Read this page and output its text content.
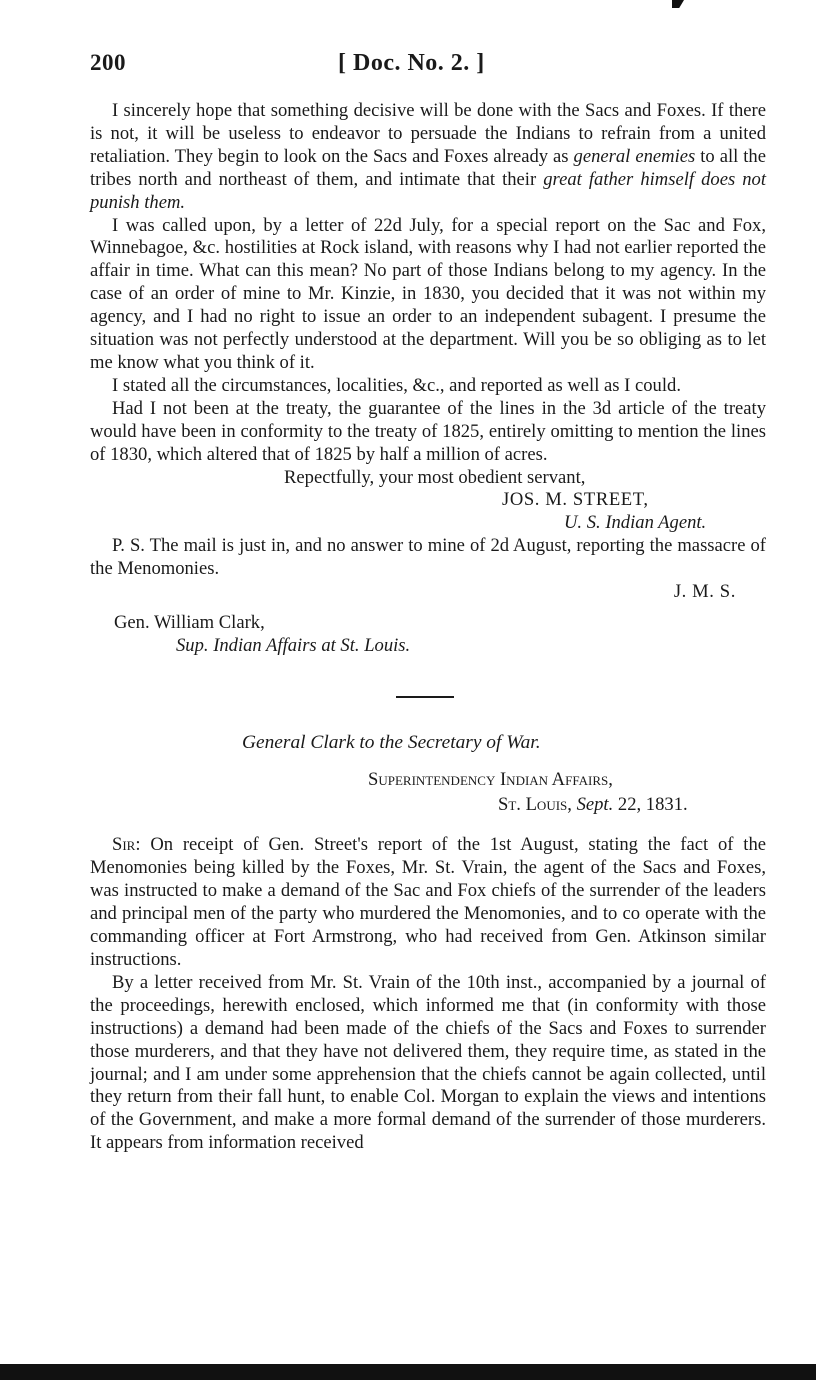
200	[ Doc. No. 2. ]

I sincerely hope that something decisive will be done with the Sacs and Foxes. If there is not, it will be useless to endeavor to persuade the Indians to refrain from a united retaliation. They begin to look on the Sacs and Foxes already as general enemies to all the tribes north and northeast of them, and intimate that their great father himself does not punish them.

I was called upon, by a letter of 22d July, for a special report on the Sac and Fox, Winnebagoe, &c. hostilities at Rock island, with reasons why I had not earlier reported the affair in time. What can this mean? No part of those Indians belong to my agency. In the case of an order of mine to Mr. Kinzie, in 1830, you decided that it was not within my agency, and I had no right to issue an order to an independent subagent. I presume the situation was not perfectly understood at the department. Will you be so obliging as to let me know what you think of it.

I stated all the circumstances, localities, &c., and reported as well as I could.

Had I not been at the treaty, the guarantee of the lines in the 3d article of the treaty would have been in conformity to the treaty of 1825, entirely omitting to mention the lines of 1830, which altered that of 1825 by half a million of acres.

Repectfully, your most obedient servant,

JOS. M. STREET,

U. S. Indian Agent.

P. S. The mail is just in, and no answer to mine of 2d August, reporting the massacre of the Menomonies.

J. M. S.

Gen. William Clark,

Sup. Indian Affairs at St. Louis.

General Clark to the Secretary of War.

Superintendency Indian Affairs,

St. Louis, Sept. 22, 1831.

Sir: On receipt of Gen. Street's report of the 1st August, stating the fact of the Menomonies being killed by the Foxes, Mr. St. Vrain, the agent of the Sacs and Foxes, was instructed to make a demand of the Sac and Fox chiefs of the surrender of the leaders and principal men of the party who murdered the Menomonies, and to co operate with the commanding officer at Fort Armstrong, who had received from Gen. Atkinson similar instructions.

By a letter received from Mr. St. Vrain of the 10th inst., accompanied by a journal of the proceedings, herewith enclosed, which informed me that (in conformity with those instructions) a demand had been made of the chiefs of the Sacs and Foxes to surrender those murderers, and that they have not delivered them, they require time, as stated in the journal; and I am under some apprehension that the chiefs cannot be again collected, until they return from their fall hunt, to enable Col. Morgan to explain the views and intentions of the Government, and make a more formal demand of the surrender of those murderers. It appears from information received
